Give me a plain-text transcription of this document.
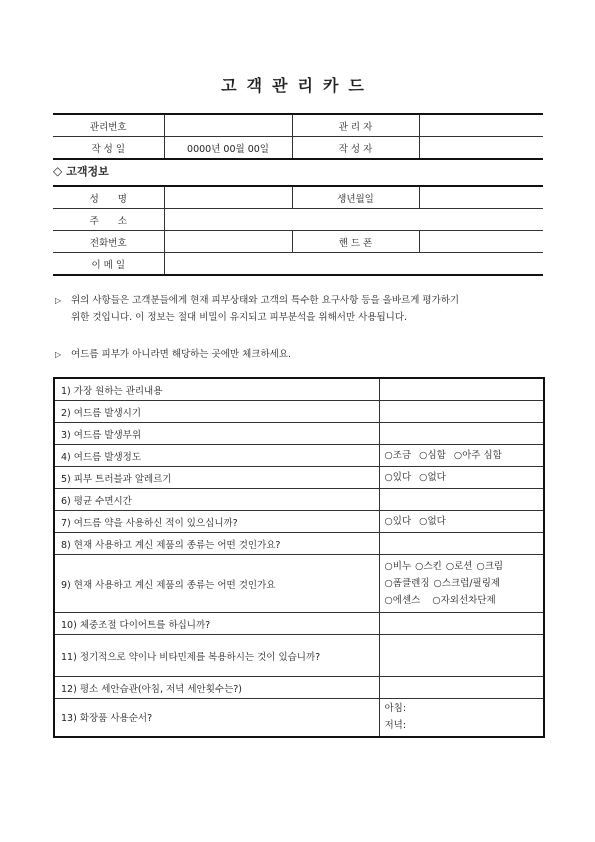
고객관리카드
관리번호		관 리 자	
작 성 일	0000년 00월 00일	작 성 자	
◇ 고객정보
성　　명		생년월일	
주　　소			
전화번호		핸 드 폰	
이 메 일			
▷ 위의 사항들은 고객분들에게 현재 피부상태와 고객의 특수한 요구사항 등을 올바르게 평가하기
위한 것입니다. 이 정보는 절대 비밀이 유지되고 피부분석을 위해서만 사용됩니다.
▷ 여드름 피부가 아니라면 해당하는 곳에만 체크하세요.
1) 가장 원하는 관리내용	
2) 여드름 발생시기	
3) 여드름 발생부위	
4) 여드름 발생정도	○조금 ○심함 ○아주 심함
5) 피부 트러블과 알레르기	○있다 ○없다
6) 평균 수면시간	
7) 여드름 약을 사용하신 적이 있으십니까?	○있다 ○없다
8) 현재 사용하고 계신 제품의 종류는 어떤 것인가요?	
9) 현재 사용하고 계신 제품의 종류는 어떤 것인가요	○비누 ○스킨 ○로션 ○크림
○폼클렌징 ○스크럽/필링제
○에센스 ○자외선차단제

10) 체중조절 다이어트를 하십니까?	
11) 정기적으로 약이나 비타민제를 복용하시는 것이 있습니까?	
12) 평소 세안습관(아침, 저녁 세안횟수는?)	
13) 화장품 사용순서?	아침:
저녁:
